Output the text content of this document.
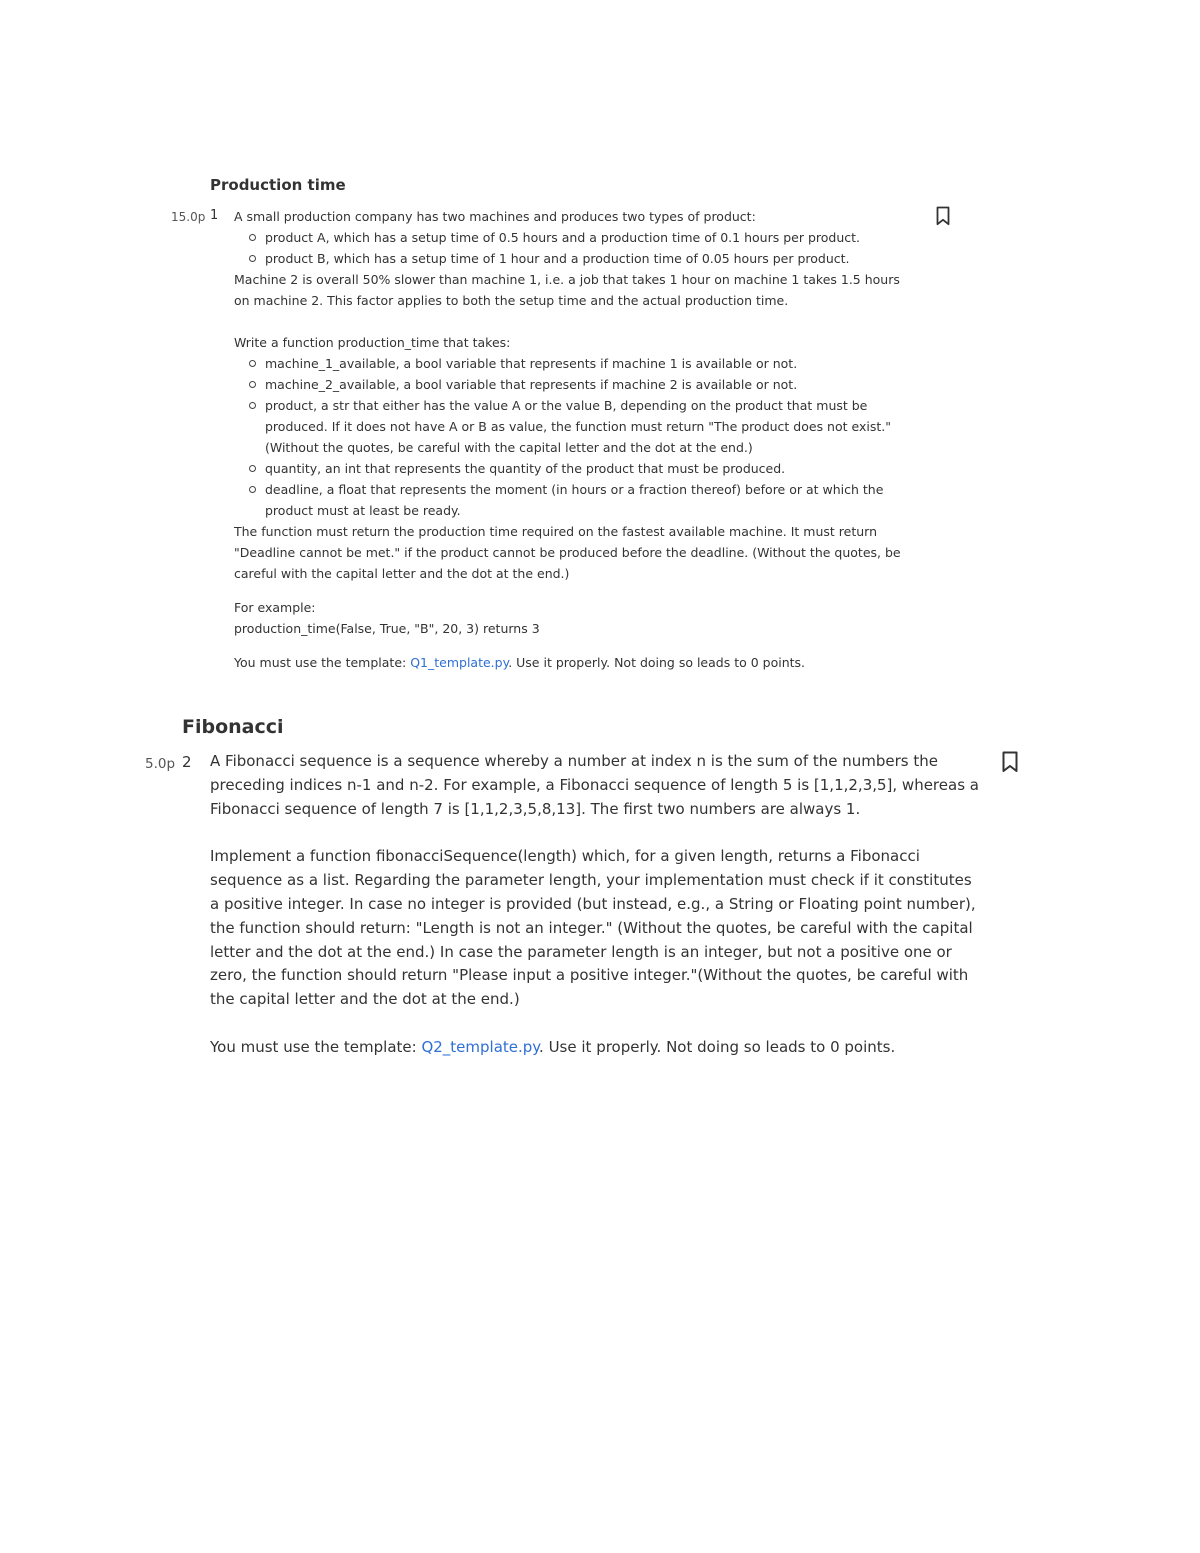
Production time
15.0p 1 A small production company has two machines and produces two types of product:

product A, which has a setup time of 0.5 hours and a production time of 0.1 hours per product.
product B, which has a setup time of 1 hour and a production time of 0.05 hours per product.

Machine 2 is overall 50% slower than machine 1, i.e. a job that takes 1 hour on machine 1 takes 1.5 hours

on machine 2. This factor applies to both the setup time and the actual production time.

Write a function production_time that takes:

machine_1_available, a bool variable that represents if machine 1 is available or not.
machine_2_available, a bool variable that represents if machine 2 is available or not.
product, a str that either has the value A or the value B, depending on the product that must be produced. If it does not have A or B as value, the function must return "The product does not exist." (Without the quotes, be careful with the capital letter and the dot at the end.)
quantity, an int that represents the quantity of the product that must be produced.
deadline, a float that represents the moment (in hours or a fraction thereof) before or at which the product must at least be ready.

The function must return the production time required on the fastest available machine. It must return "Deadline cannot be met." if the product cannot be produced before the deadline. (Without the quotes, be careful with the capital letter and the dot at the end.)

For example:

production_time(False, True, "B", 20, 3) returns 3

You must use the template: Q1_template.py. Use it properly. Not doing so leads to 0 points.

Fibonacci
5.0p 2 A Fibonacci sequence is a sequence whereby a number at index n is the sum of the numbers the preceding indices n-1 and n-2. For example, a Fibonacci sequence of length 5 is [1,1,2,3,5], whereas a Fibonacci sequence of length 7 is [1,1,2,3,5,8,13]. The first two numbers are always 1.

Implement a function fibonacciSequence(length) which, for a given length, returns a Fibonacci sequence as a list. Regarding the parameter length, your implementation must check if it constitutes a positive integer. In case no integer is provided (but instead, e.g., a String or Floating point number), the function should return: "Length is not an integer." (Without the quotes, be careful with the capital letter and the dot at the end.) In case the parameter length is an integer, but not a positive one or zero, the function should return "Please input a positive integer."(Without the quotes, be careful with the capital letter and the dot at the end.)

You must use the template: Q2_template.py. Use it properly. Not doing so leads to 0 points.
